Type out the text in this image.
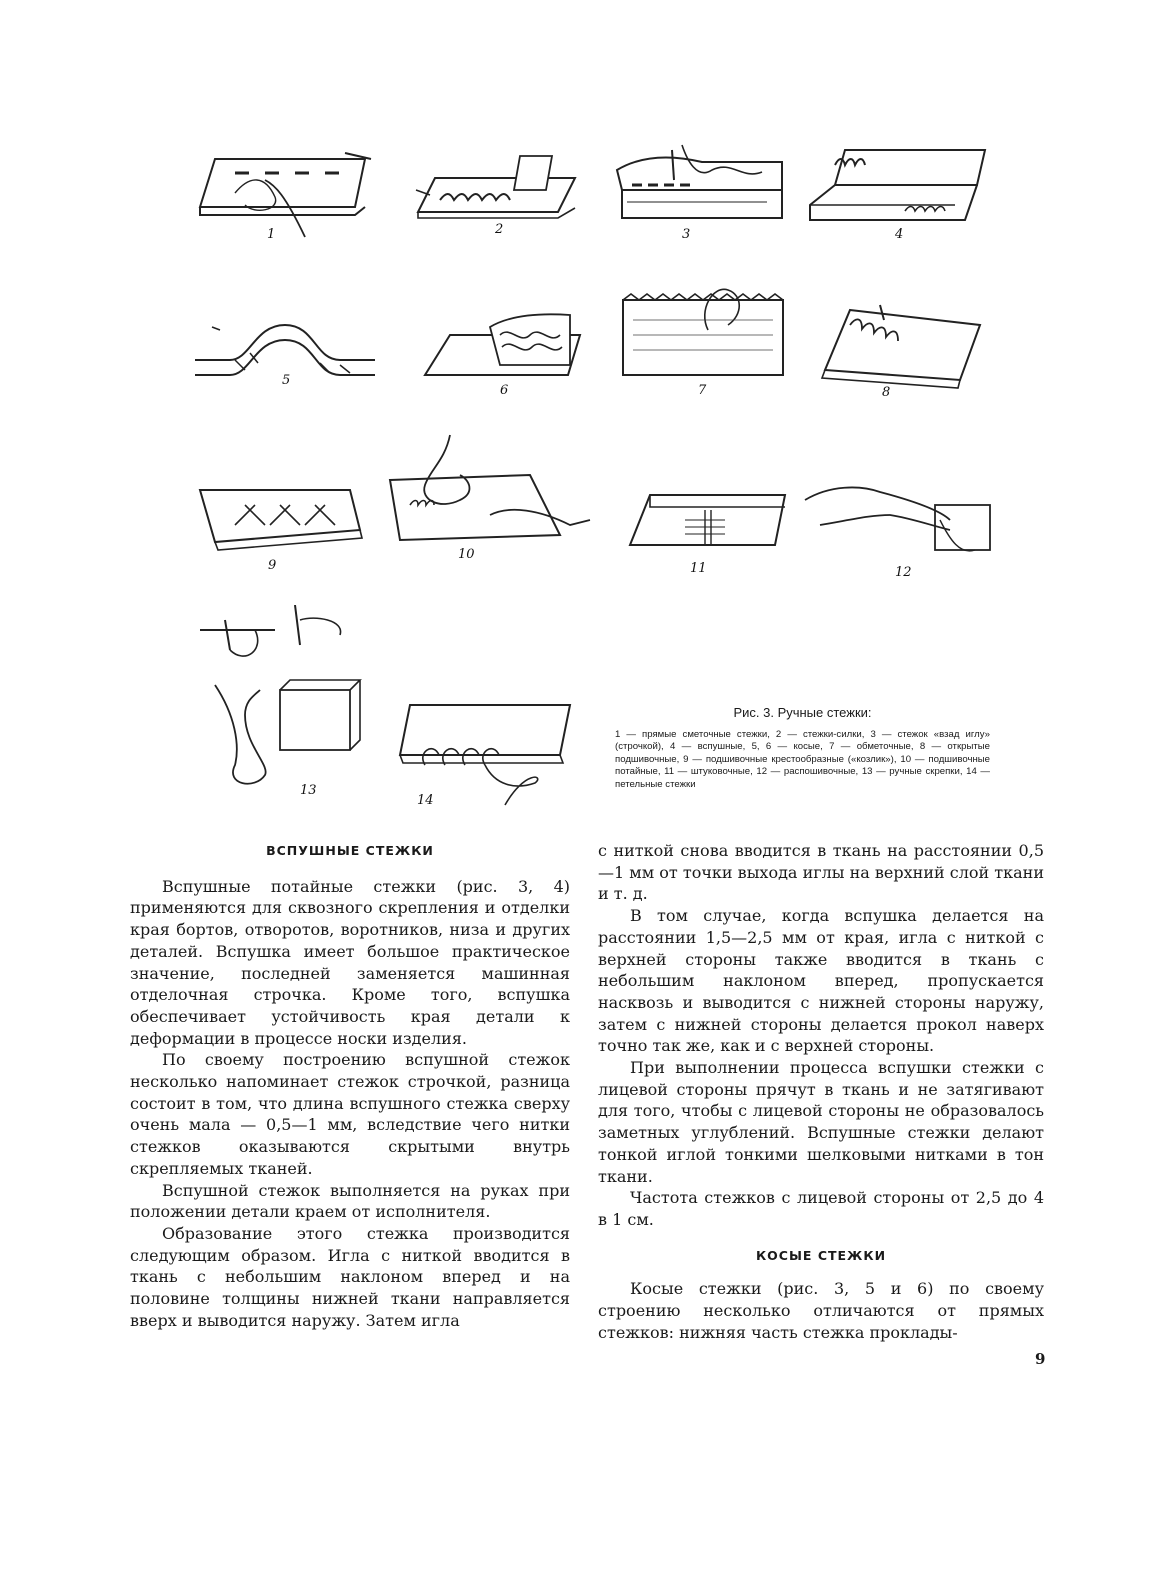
1	2	3	4
5
6	7	8
9
10
11	12
13
14
Рис. 3. Ручные стежки:
1 — прямые сметочные стежки, 2 — стежки-силки, 3 — стежок «взад иглу» (строчкой), 4 — вспушные, 5, 6 — косые, 7 — обметочные, 8 — открытые подшивочные, 9 — подшивочные крестообразные («козлик»), 10 — подшивочные потайные, 11 — штуковочные, 12 — распошивочные, 13 — ручные скрепки, 14 — петельные стежки
ВСПУШНЫЕ СТЕЖКИ

Вспушные потайные стежки (рис. 3, 4) применяются для сквозного скрепления и отделки края бортов, отворотов, воротников, низа и других деталей. Вспушка имеет большое практическое значение, последней заменяется машинная отделочная строчка. Кроме того, вспушка обеспечивает устойчивость края детали к деформации в процессе носки изделия.

По своему построению вспушной стежок несколько напоминает стежок строчкой, разница состоит в том, что длина вспушного стежка сверху очень мала — 0,5—1 мм, вследствие чего нитки стежков оказываются скрытыми внутрь скрепляемых тканей.

Вспушной стежок выполняется на руках при положении детали краем от исполнителя.

Образование этого стежка производится следующим образом. Игла с ниткой вводится в ткань с небольшим наклоном вперед и на половине толщины нижней ткани направляется вверх и выводится наружу. Затем игла

с ниткой снова вводится в ткань на расстоянии 0,5—1 мм от точки выхода иглы на верхний слой ткани и т. д.

В том случае, когда вспушка делается на расстоянии 1,5—2,5 мм от края, игла с ниткой с верхней стороны также вводится в ткань с небольшим наклоном вперед, пропускается насквозь и выводится с нижней стороны наружу, затем с нижней стороны делается прокол наверх точно так же, как и с верхней стороны.

При выполнении процесса вспушки стежки с лицевой стороны прячут в ткань и не затягивают для того, чтобы с лицевой стороны не образовалось заметных углублений. Вспушные стежки делают тонкой иглой тонкими шелковыми нитками в тон ткани.

Частота стежков с лицевой стороны от 2,5 до 4 в 1 см.

КОСЫЕ СТЕЖКИ

Косые стежки (рис. 3, 5 и 6) по своему строению несколько отличаются от прямых стежков: нижняя часть стежка проклады-

9
